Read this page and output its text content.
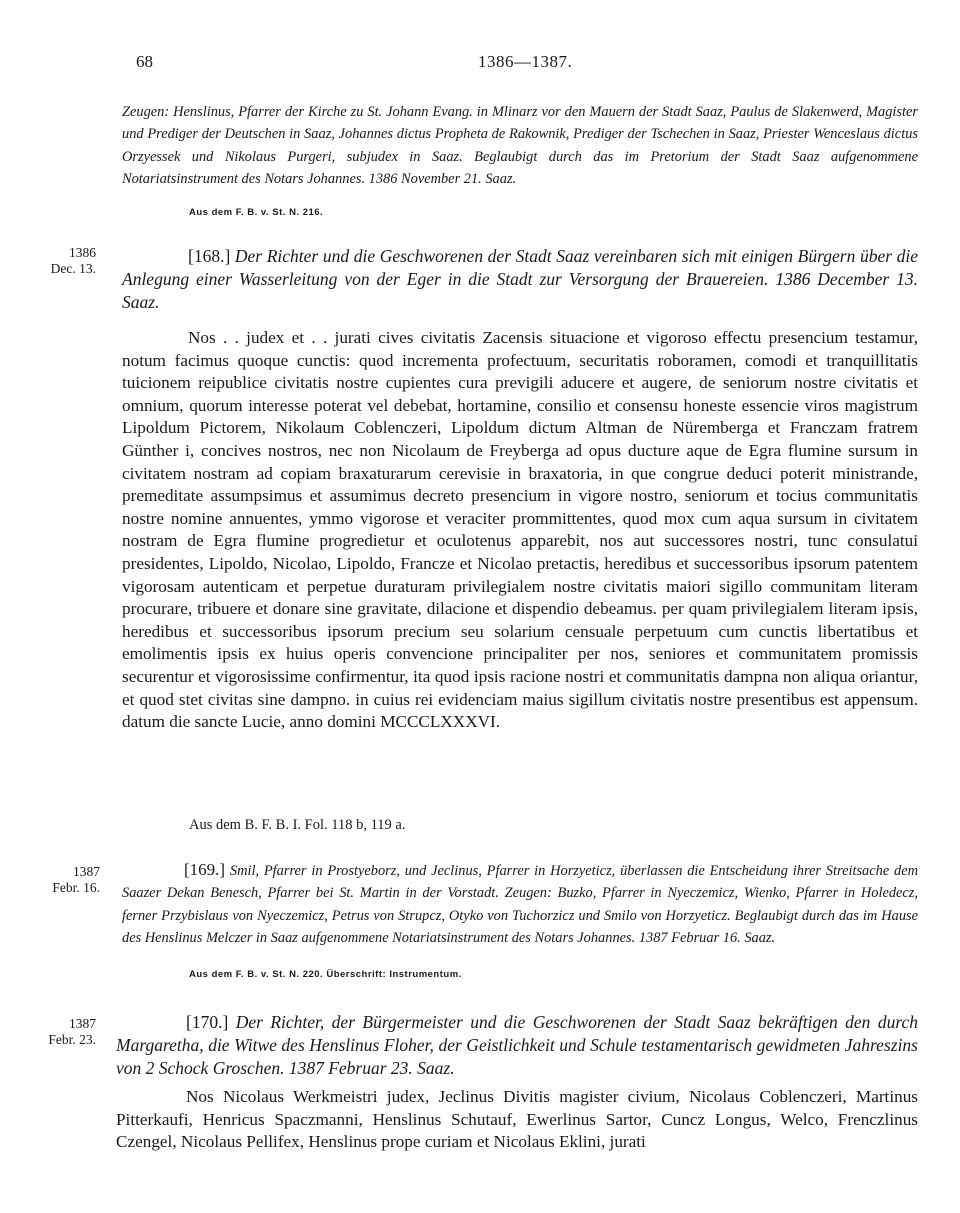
68	1386—1387.
Zeugen: Henslinus, Pfarrer der Kirche zu St. Johann Evang. in Mlinarz vor den Mauern der Stadt Saaz, Paulus de Slakenwerd, Magister und Prediger der Deutschen in Saaz, Johannes dictus Propheta de Rakownik, Prediger der Tschechen in Saaz, Priester Wenceslaus dictus Orzyessek und Nikolaus Purgeri, subjudex in Saaz. Beglaubigt durch das im Pretorium der Stadt Saaz aufgenommene Notariatsinstrument des Notars Johannes. 1386 November 21. Saaz.
Aus dem F. B. v. St. N. 216.
1386
Dec. 13.
[168.] Der Richter und die Geschworenen der Stadt Saaz vereinbaren sich mit einigen Bürgern über die Anlegung einer Wasserleitung von der Eger in die Stadt zur Versorgung der Brauereien. 1386 December 13. Saaz.
Nos . . judex et . . jurati cives civitatis Zacensis situacione et vigoroso effectu presencium testamur, notum facimus quoque cunctis: quod incrementa profectuum, securitatis roboramen, comodi et tranquillitatis tuicionem reipublice civitatis nostre cupientes cura previgili aducere et augere, de seniorum nostre civitatis et omnium, quorum interesse poterat vel debebat, hortamine, consilio et consensu honeste essencie viros magistrum Lipoldum Pictorem, Nikolaum Coblenczeri, Lipoldum dictum Altman de Nüremberga et Franczam fratrem Günther i, concives nostros, nec non Nicolaum de Freyberga ad opus ducture aque de Egra flumine sursum in civitatem nostram ad copiam braxaturarum cerevisie in braxatoria, in que congrue deduci poterit ministrande, premeditate assumpsimus et assumimus decreto presencium in vigore nostro, seniorum et tocius communitatis nostre nomine annuentes, ymmo vigorose et veraciter prommittentes, quod mox cum aqua sursum in civitatem nostram de Egra flumine progredietur et oculotenus apparebit, nos aut successores nostri, tunc consulatui presidentes, Lipoldo, Nicolao, Lipoldo, Francze et Nicolao pretactis, heredibus et successoribus ipsorum patentem vigorosam autenticam et perpetue duraturam privilegialem nostre civitatis maiori sigillo communitam literam procurare, tribuere et donare sine gravitate, dilacione et dispendio debeamus. per quam privilegialem literam ipsis, heredibus et successoribus ipsorum precium seu solarium censuale perpetuum cum cunctis libertatibus et emolimentis ipsis ex huius operis convencione principaliter per nos, seniores et communitatem promissis securentur et vigorosissime confirmentur, ita quod ipsis racione nostri et communitatis dampna non aliqua oriantur, et quod stet civitas sine dampno. in cuius rei evidenciam maius sigillum civitatis nostre presentibus est appensum. datum die sancte Lucie, anno domini MCCCLXXXVI.
Aus dem B. F. B. I. Fol. 118 b, 119 a.
1387
Febr. 16.
[169.] Smil, Pfarrer in Prostyeborz, und Jeclinus, Pfarrer in Horzyeticz, überlassen die Entscheidung ihrer Streitsache dem Saazer Dekan Benesch, Pfarrer bei St. Martin in der Vorstadt. Zeugen: Buzko, Pfarrer in Nyeczemicz, Wienko, Pfarrer in Holedecz, ferner Przybislaus von Nyeczemicz, Petrus von Strupcz, Otyko von Tuchorzicz und Smilo von Horzyeticz. Beglaubigt durch das im Hause des Henslinus Melczer in Saaz aufgenommene Notariatsinstrument des Notars Johannes. 1387 Februar 16. Saaz.
Aus dem F. B. v. St. N. 220. Überschrift: Instrumentum.
1387
Febr. 23.
[170.] Der Richter, der Bürgermeister und die Geschworenen der Stadt Saaz bekräftigen den durch Margaretha, die Witwe des Henslinus Floher, der Geistlichkeit und Schule testamentarisch gewidmeten Jahreszins von 2 Schock Groschen. 1387 Februar 23. Saaz.
Nos Nicolaus Werkmeistri judex, Jeclinus Divitis magister civium, Nicolaus Coblenczeri, Martinus Pitterkaufi, Henricus Spaczmanni, Henslinus Schutauf, Ewerlinus Sartor, Cuncz Longus, Welco, Frenczlinus Czengel, Nicolaus Pellifex, Henslinus prope curiam et Nicolaus Eklini, jurati
